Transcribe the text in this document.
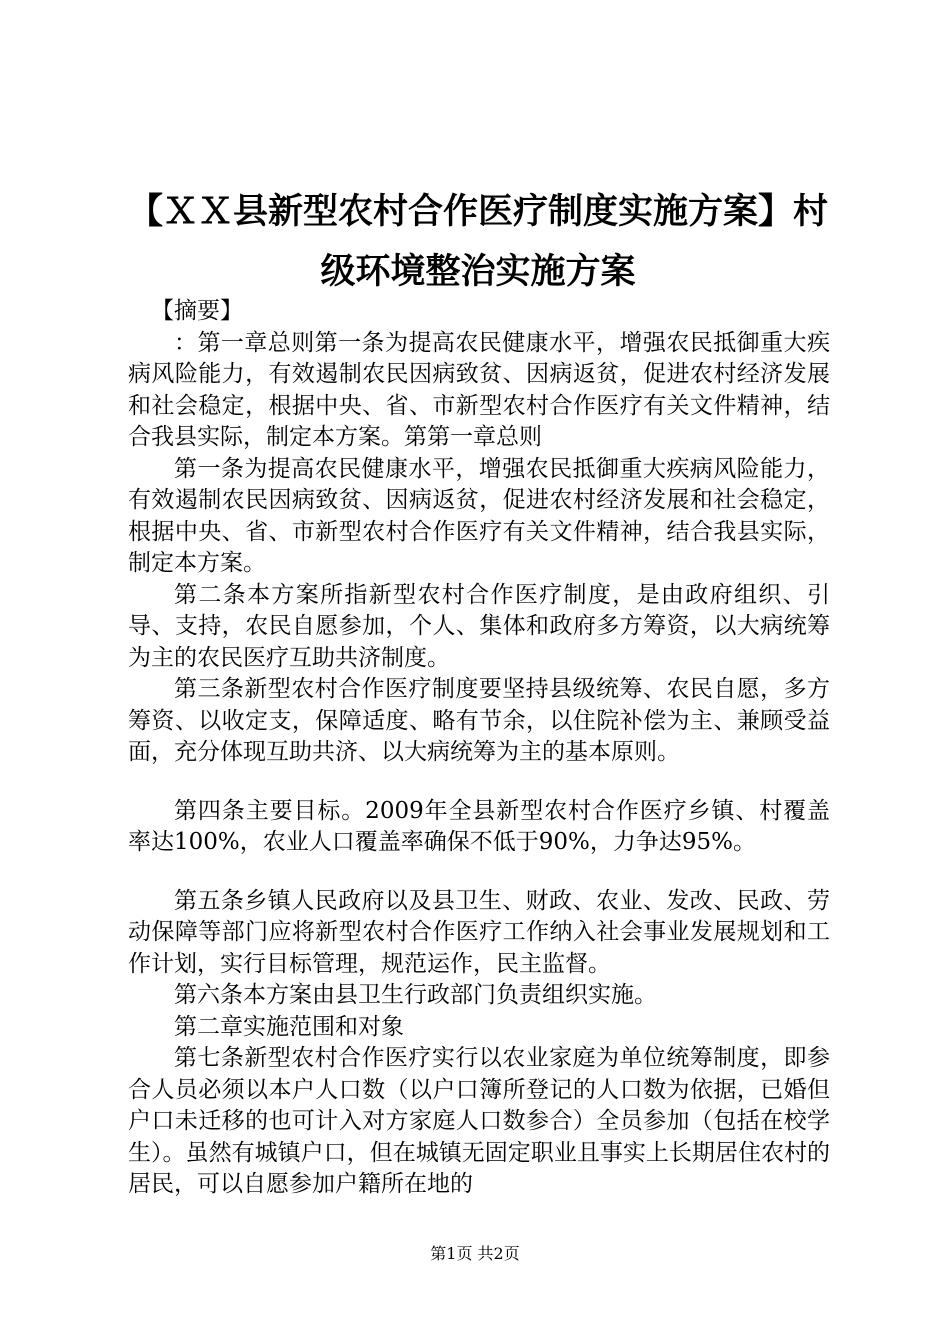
【ＸＸ县新型农村合作医疗制度实施方案】村级环境整治实施方案

【摘要】

：第一章总则第一条为提高农民健康水平，增强农民抵御重大疾病风险能力，有效遏制农民因病致贫、因病返贫，促进农村经济发展和社会稳定，根据中央、省、市新型农村合作医疗有关文件精神，结合我县实际，制定本方案。第第一章总则

第一条为提高农民健康水平，增强农民抵御重大疾病风险能力，有效遏制农民因病致贫、因病返贫，促进农村经济发展和社会稳定，根据中央、省、市新型农村合作医疗有关文件精神，结合我县实际，制定本方案。

第二条本方案所指新型农村合作医疗制度，是由政府组织、引导、支持，农民自愿参加，个人、集体和政府多方筹资，以大病统筹为主的农民医疗互助共济制度。

第三条新型农村合作医疗制度要坚持县级统筹、农民自愿，多方筹资、以收定支，保障适度、略有节余，以住院补偿为主、兼顾受益面，充分体现互助共济、以大病统筹为主的基本原则。

第四条主要目标。2009年全县新型农村合作医疗乡镇、村覆盖率达100%，农业人口覆盖率确保不低于90%，力争达95%。

第五条乡镇人民政府以及县卫生、财政、农业、发改、民政、劳动保障等部门应将新型农村合作医疗工作纳入社会事业发展规划和工作计划，实行目标管理，规范运作，民主监督。

第六条本方案由县卫生行政部门负责组织实施。

第二章实施范围和对象

第七条新型农村合作医疗实行以农业家庭为单位统筹制度，即参合人员必须以本户人口数（以户口簿所登记的人口数为依据，已婚但户口未迁移的也可计入对方家庭人口数参合）全员参加（包括在校学生）。虽然有城镇户口，但在城镇无固定职业且事实上长期居住农村的居民，可以自愿参加户籍所在地的

第1页 共2页
